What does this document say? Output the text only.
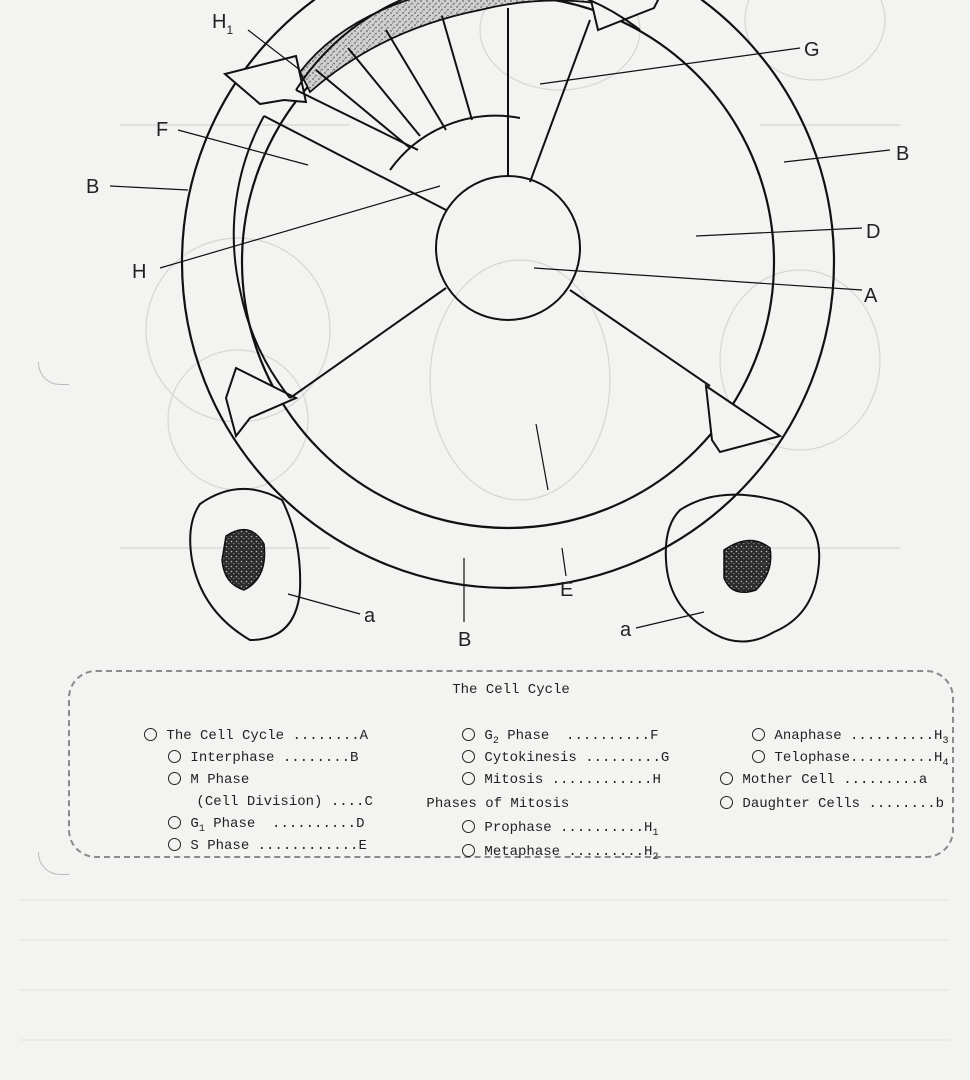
$H_1$
G
F
B
B
H
D
A
E
B
a
a
The Cell Cycle

The Cell Cycle ........A

Interphase ........B

M Phase

(Cell Division) ....C

$G_1$ Phase  ..........D

S Phase ............E

$G_2$ Phase  ..........F

Cytokinesis .........G

Mitosis ............H

Phases of Mitosis

Prophase $..........H_1$

Metaphase $.........H_2$

Anaphase $..........H_3$

$Telophase..........H_4$

Mother Cell .........a

Daughter Cells ........b
